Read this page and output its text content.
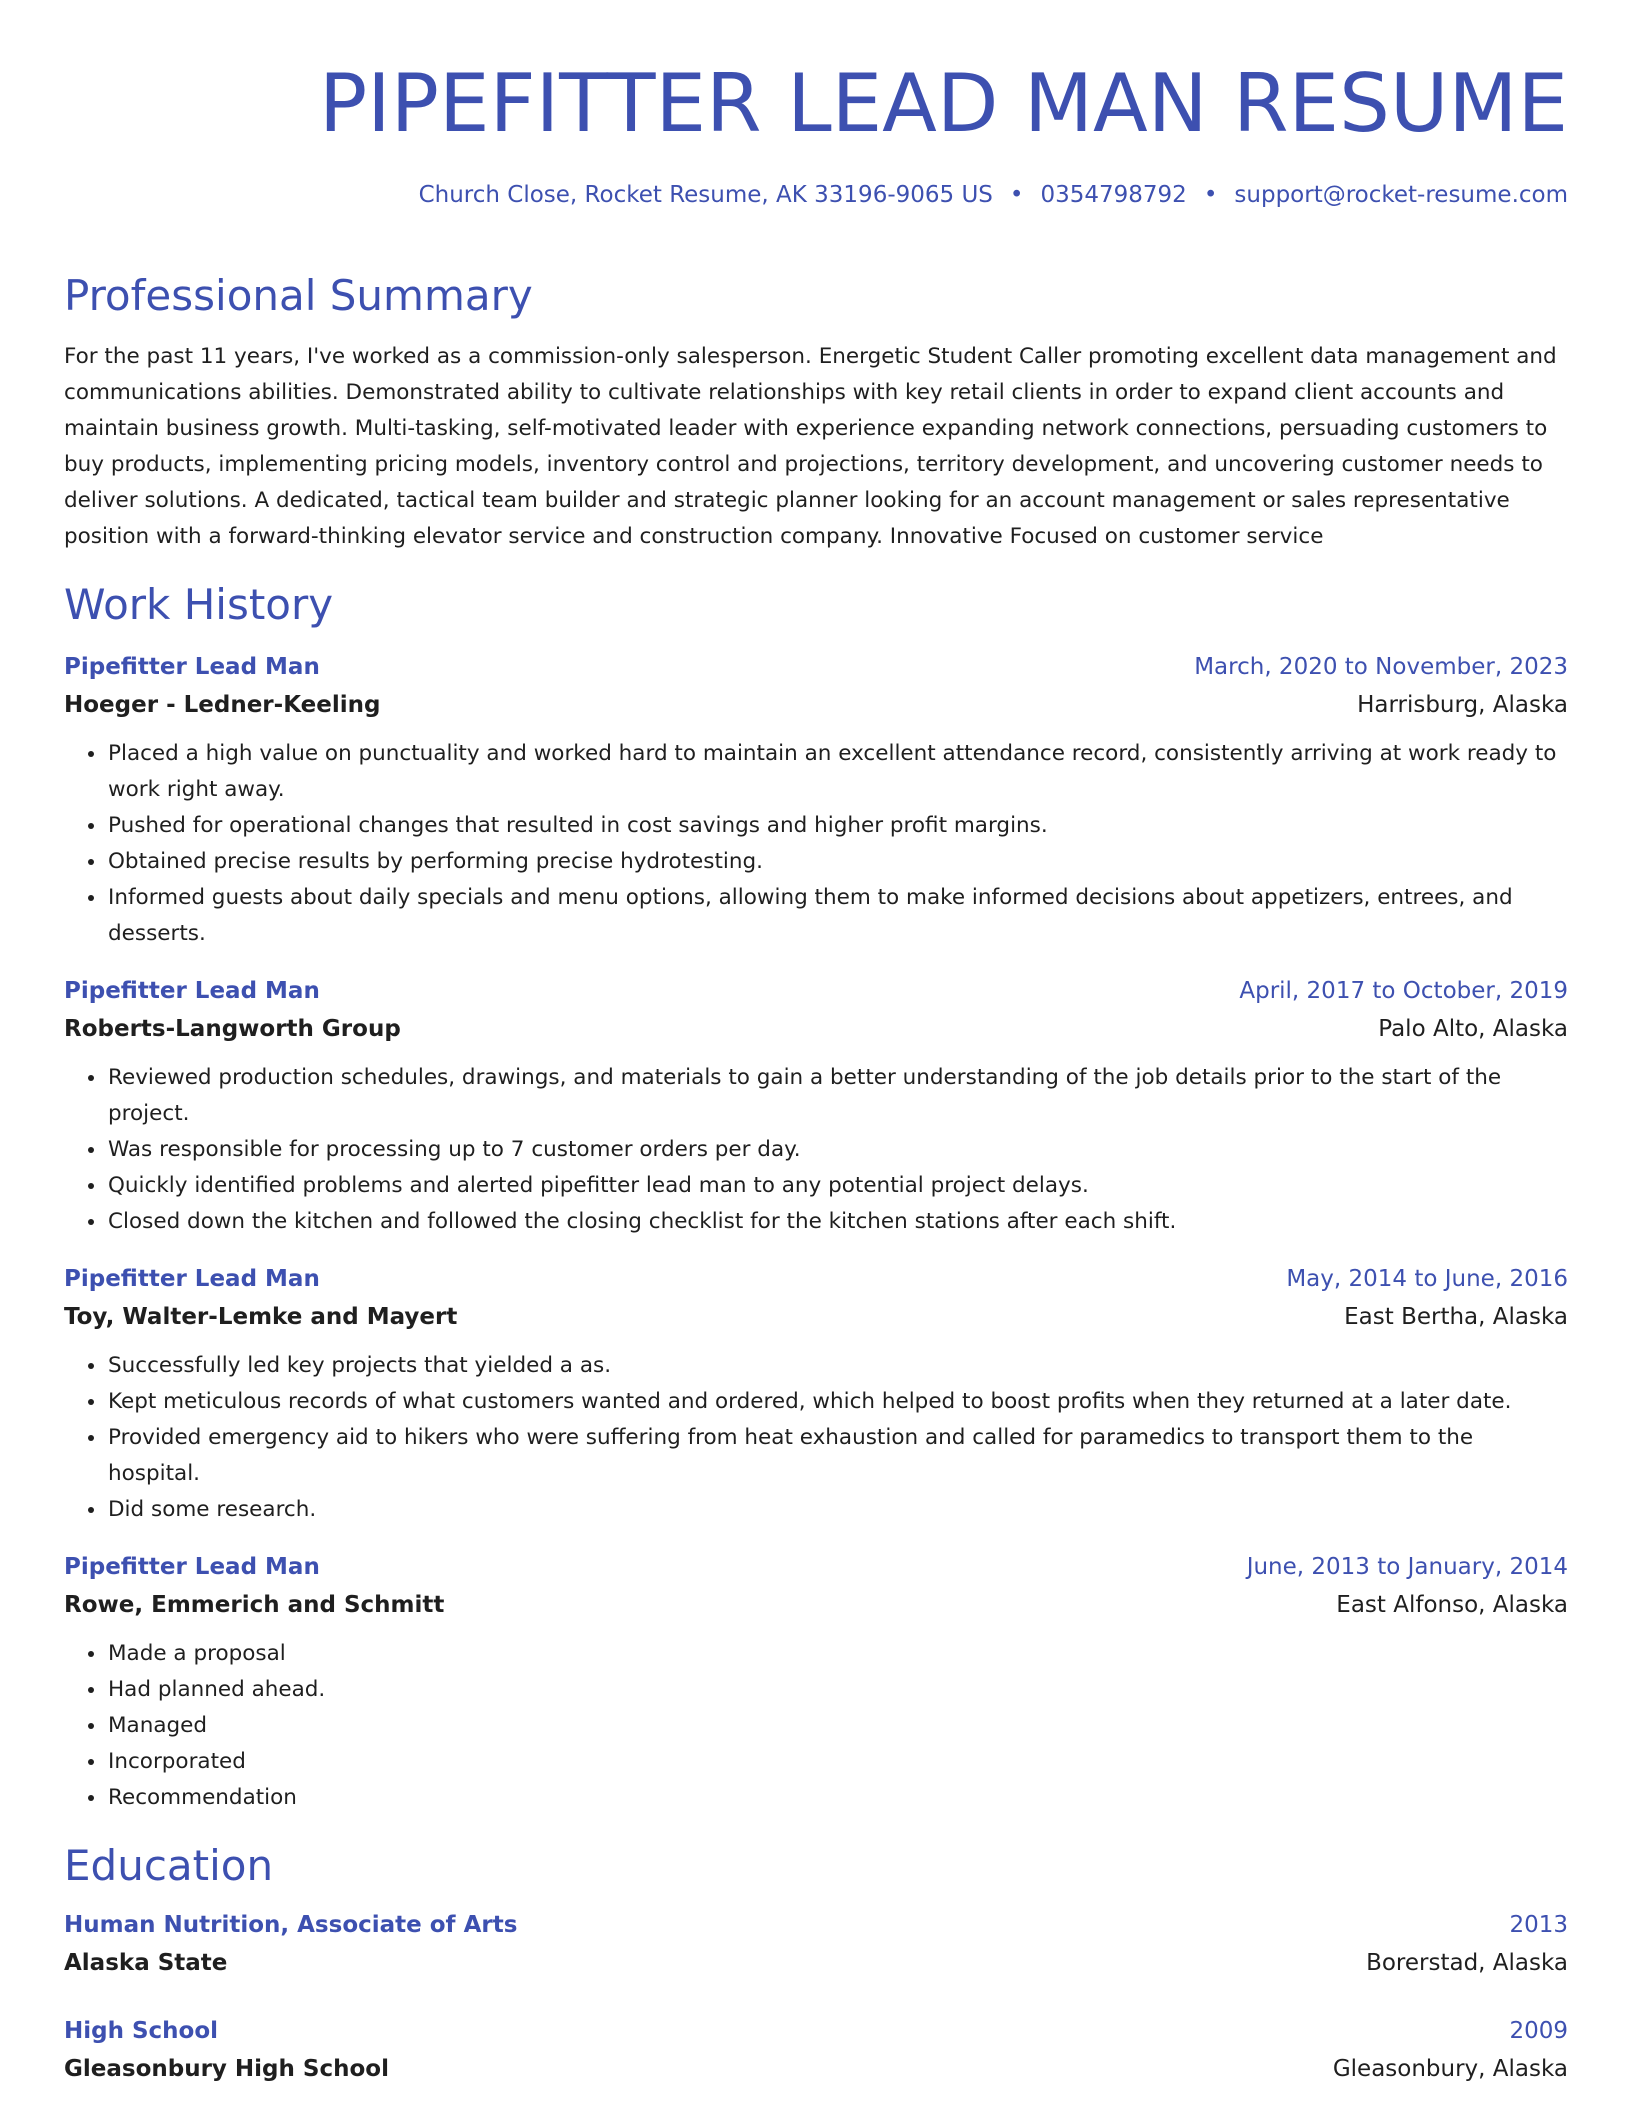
PIPEFITTER LEAD MAN RESUME
Church Close, Rocket Resume, AK 33196-9065 US • 0354798792 • support@rocket-resume.com
Professional Summary
For the past 11 years, I've worked as a commission-only salesperson. Energetic Student Caller promoting excellent data management and communications abilities. Demonstrated ability to cultivate relationships with key retail clients in order to expand client accounts and maintain business growth. Multi-tasking, self-motivated leader with experience expanding network connections, persuading customers to buy products, implementing pricing models, inventory control and projections, territory development, and uncovering customer needs to deliver solutions. A dedicated, tactical team builder and strategic planner looking for an account management or sales representative position with a forward-thinking elevator service and construction company. Innovative Focused on customer service
Work History
Pipefitter Lead Man	March, 2020 to November, 2023
Hoeger - Ledner-Keeling	Harrisburg, Alaska
• Placed a high value on punctuality and worked hard to maintain an excellent attendance record, consistently arriving at work ready to work right away.
• Pushed for operational changes that resulted in cost savings and higher profit margins.
• Obtained precise results by performing precise hydrotesting.
• Informed guests about daily specials and menu options, allowing them to make informed decisions about appetizers, entrees, and desserts.
Pipefitter Lead Man	April, 2017 to October, 2019
Roberts-Langworth Group	Palo Alto, Alaska
• Reviewed production schedules, drawings, and materials to gain a better understanding of the job details prior to the start of the project.
• Was responsible for processing up to 7 customer orders per day.
• Quickly identified problems and alerted pipefitter lead man to any potential project delays.
• Closed down the kitchen and followed the closing checklist for the kitchen stations after each shift.
Pipefitter Lead Man	May, 2014 to June, 2016
Toy, Walter-Lemke and Mayert	East Bertha, Alaska
• Successfully led key projects that yielded a as.
• Kept meticulous records of what customers wanted and ordered, which helped to boost profits when they returned at a later date.
• Provided emergency aid to hikers who were suffering from heat exhaustion and called for paramedics to transport them to the hospital.
• Did some research.
Pipefitter Lead Man	June, 2013 to January, 2014
Rowe, Emmerich and Schmitt	East Alfonso, Alaska
• Made a proposal
• Had planned ahead.
• Managed
• Incorporated
• Recommendation
Education
Human Nutrition, Associate of Arts	2013
Alaska State	Borerstad, Alaska
High School	2009
Gleasonbury High School	Gleasonbury, Alaska
